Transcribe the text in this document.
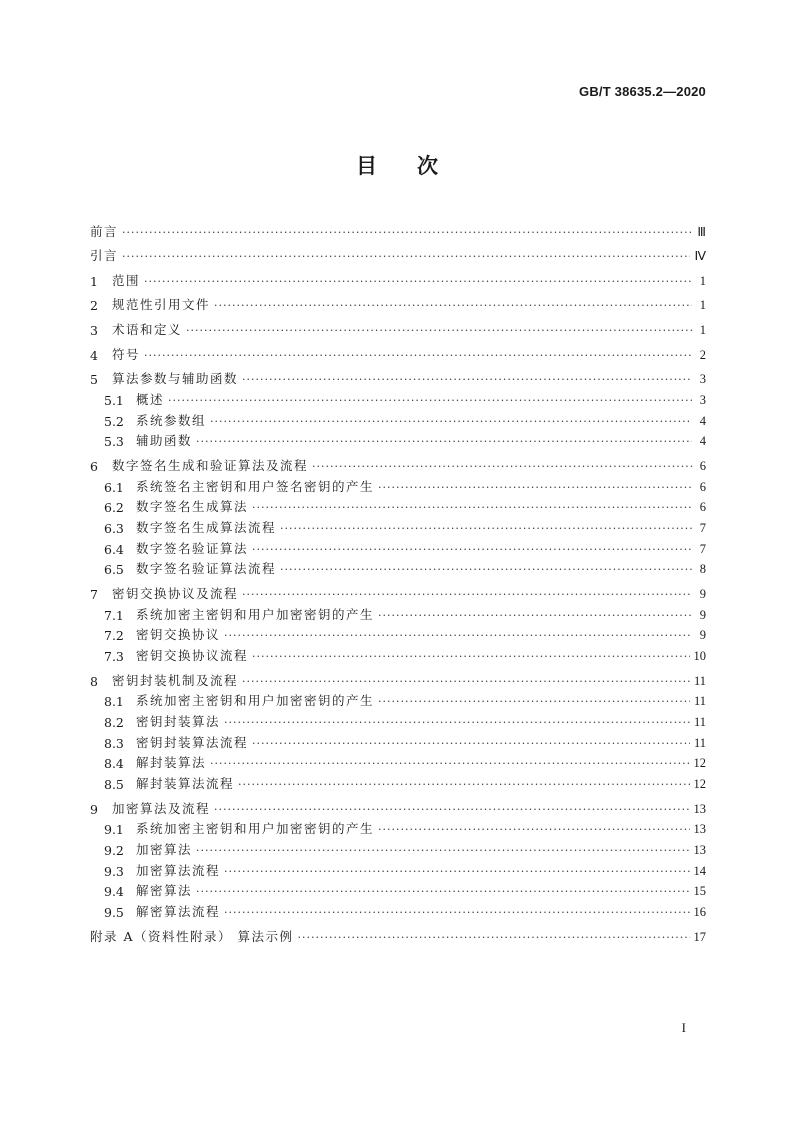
GB/T 38635.2—2020
目 次
前言 ·····	Ⅲ
引言 ·····	Ⅳ
1	范围 ·····	1
2	规范性引用文件 ·····	1
3	术语和定义 ·····	1
4	符号 ·····	2
5	算法参数与辅助函数 ·····	3
5.1 概述 ·····	3
5.2 系统参数组 ·····	4
5.3 辅助函数 ·····	4
6	数字签名生成和验证算法及流程 ·····	6
6.1 系统签名主密钥和用户签名密钥的产生 ·····	6
6.2 数字签名生成算法 ·····	6
6.3 数字签名生成算法流程 ·····	7
6.4 数字签名验证算法 ·····	7
6.5 数字签名验证算法流程 ·····	8
7	密钥交换协议及流程 ·····	9
7.1 系统加密主密钥和用户加密密钥的产生 ·····	9
7.2 密钥交换协议 ·····	9
7.3 密钥交换协议流程 ·····	10
8	密钥封装机制及流程 ·····	11
8.1 系统加密主密钥和用户加密密钥的产生 ·····	11
8.2 密钥封装算法 ·····	11
8.3 密钥封装算法流程 ·····	11
8.4 解封装算法 ·····	12
8.5 解封装算法流程 ·····	12
9	加密算法及流程 ·····	13
9.1 系统加密主密钥和用户加密密钥的产生 ·····	13
9.2 加密算法 ·····	13
9.3 加密算法流程 ·····	14
9.4 解密算法 ·····	15
9.5 解密算法流程 ·····	16
附录 A（资料性附录） 算法示例 ·····	17
I
